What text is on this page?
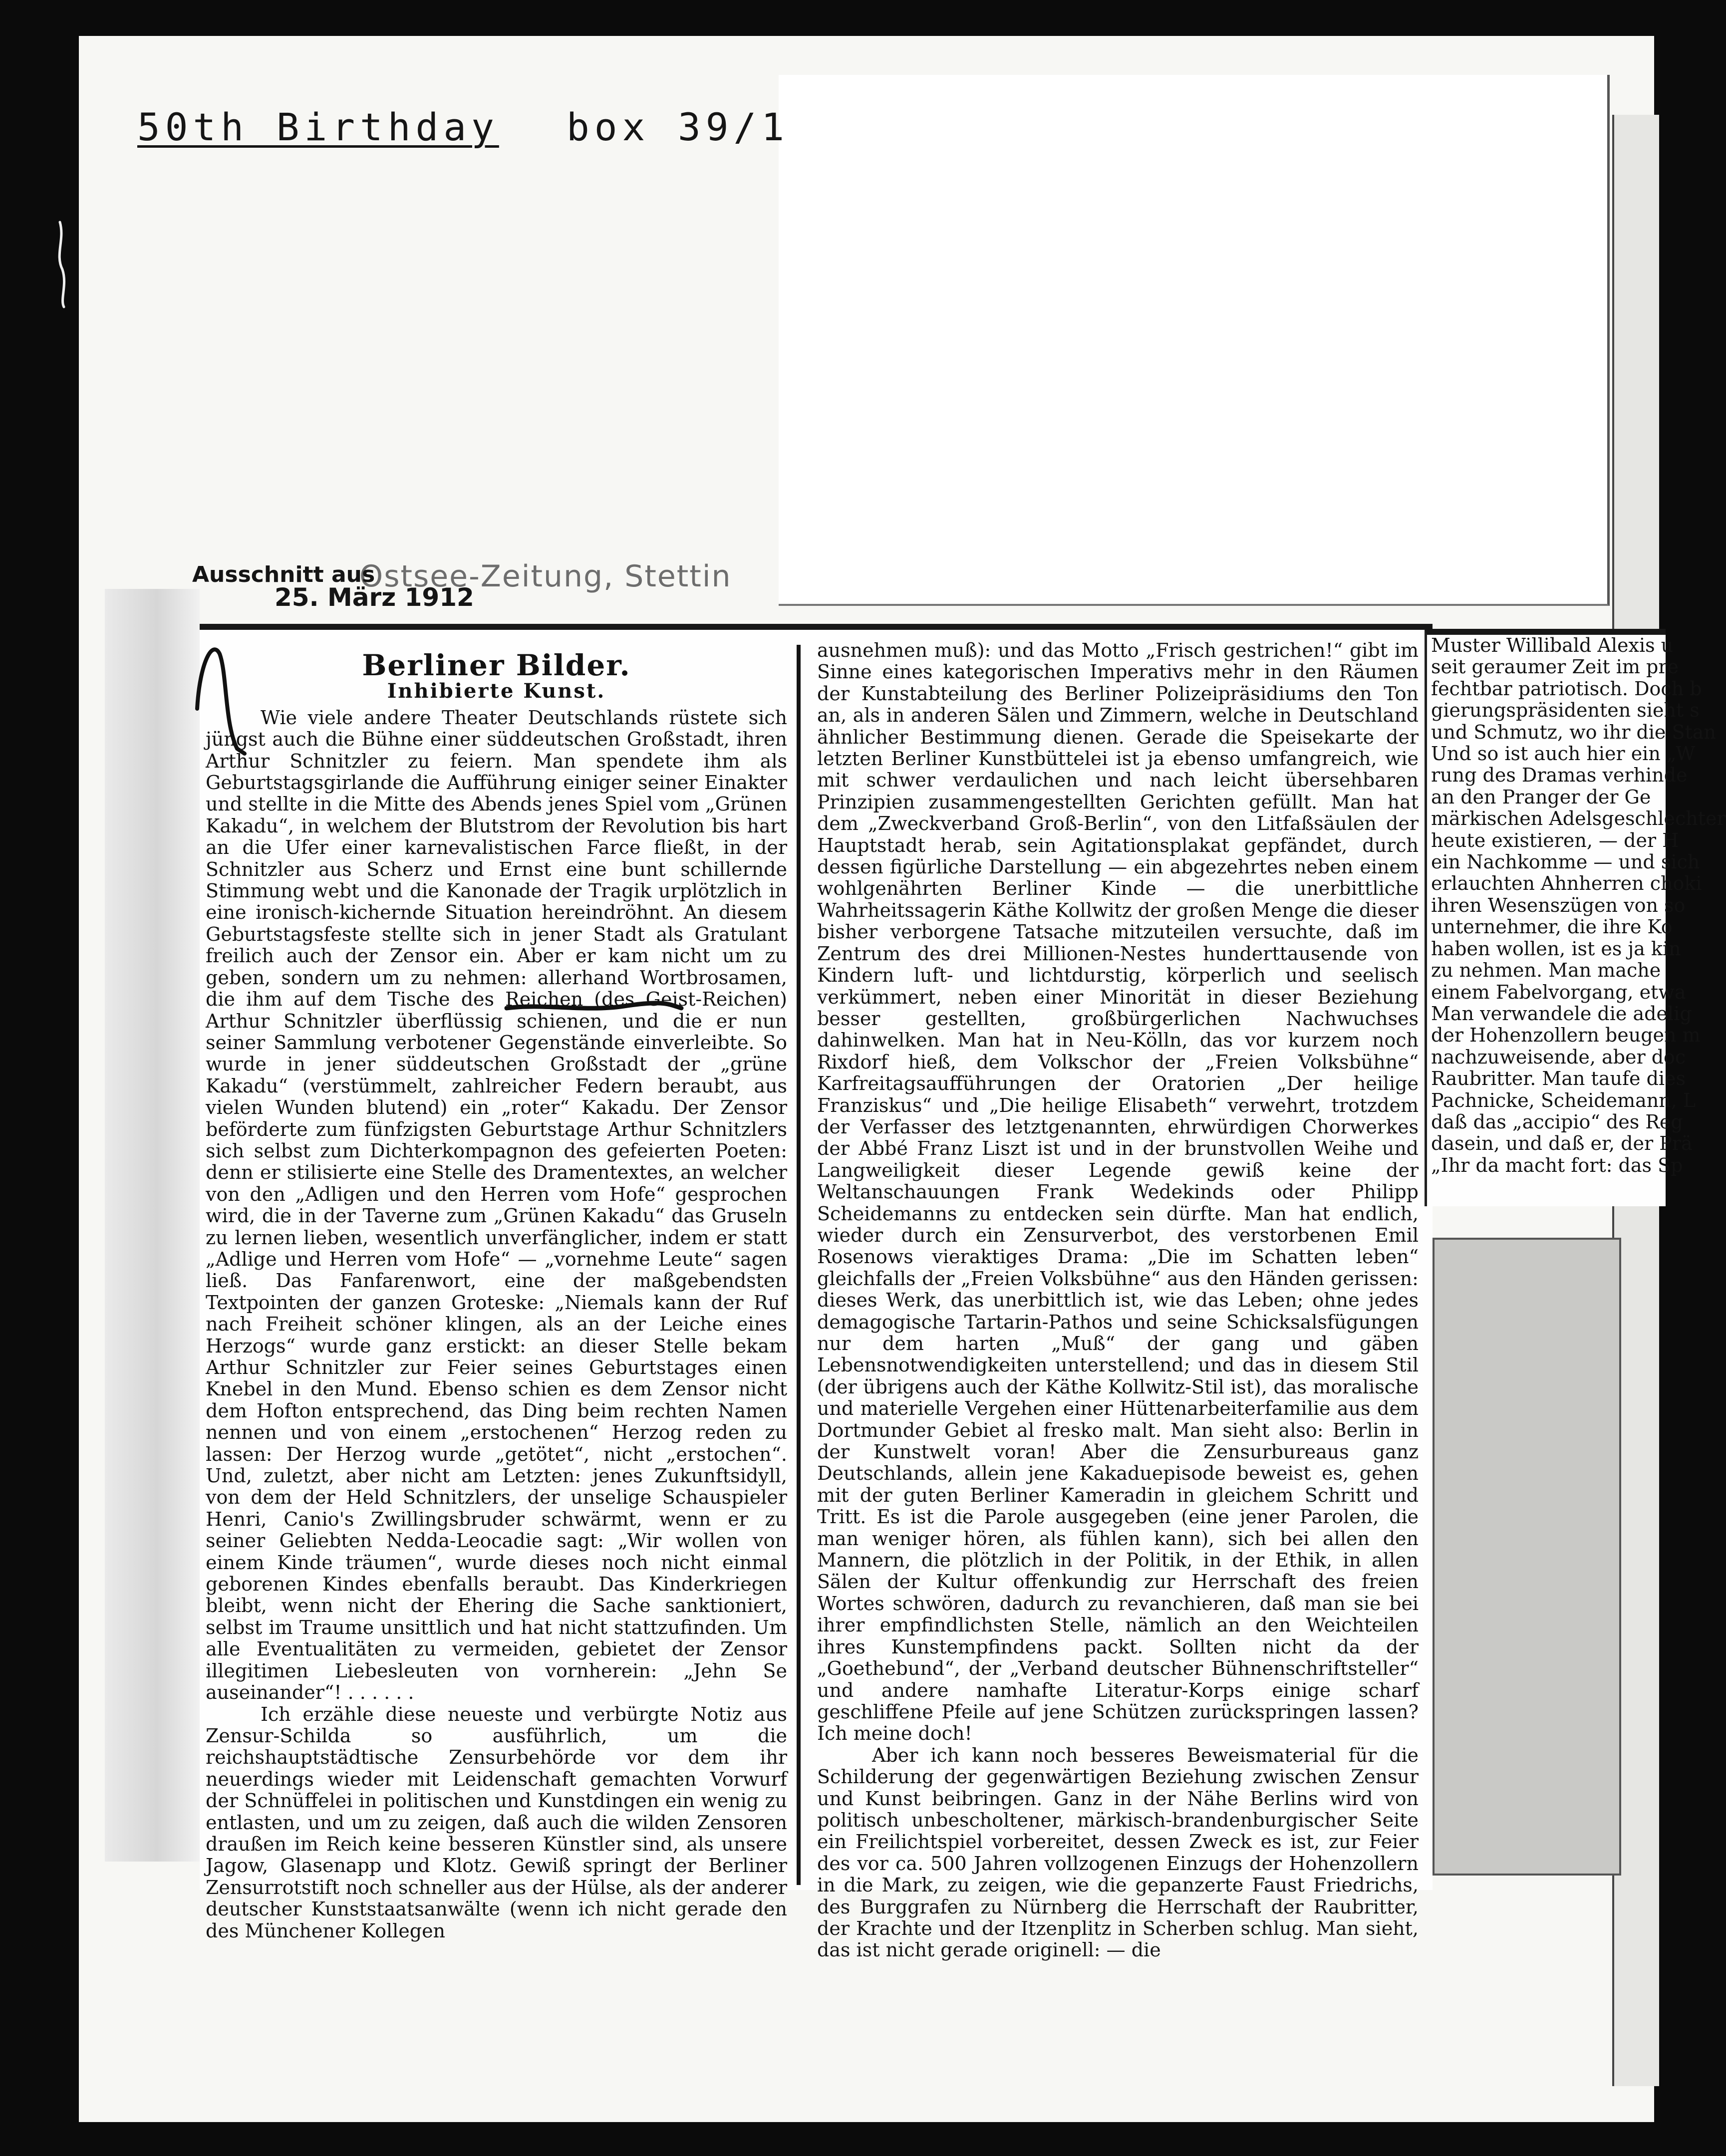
50th Birthday box 39/1
Ostsee-Zeitung, Stettin
Ausschnitt aus
25. März 1912
Berliner Bilder.
Inhibierte Kunst.

Wie viele andere Theater Deutschlands rüstete sich jüngst auch die Bühne einer süddeutschen Großstadt, ihren Arthur Schnitzler zu feiern. Man spendete ihm als Geburtstagsgirlande die Aufführung einiger seiner Einakter und stellte in die Mitte des Abends jenes Spiel vom „Grünen Kakadu“, in welchem der Blutstrom der Revolution bis hart an die Ufer einer karnevalistischen Farce fließt, in der Schnitzler aus Scherz und Ernst eine bunt schillernde Stimmung webt und die Kanonade der Tragik urplötzlich in eine ironisch-kichernde Situation hereindröhnt. An diesem Geburtstagsfeste stellte sich in jener Stadt als Gratulant freilich auch der Zensor ein. Aber er kam nicht um zu geben, sondern um zu nehmen: allerhand Wortbrosamen, die ihm auf dem Tische des Reichen (des Geist-Reichen) Arthur Schnitzler überflüssig schienen, und die er nun seiner Sammlung verbotener Gegenstände einverleibte. So wurde in jener süddeutschen Großstadt der „grüne Kakadu“ (verstümmelt, zahlreicher Federn beraubt, aus vielen Wunden blutend) ein „roter“ Kakadu. Der Zensor beförderte zum fünfzigsten Geburtstage Arthur Schnitzlers sich selbst zum Dichterkompagnon des gefeierten Poeten: denn er stilisierte eine Stelle des Dramentextes, an welcher von den „Adligen und den Herren vom Hofe“ gesprochen wird, die in der Taverne zum „Grünen Kakadu“ das Gruseln zu lernen lieben, wesentlich unverfänglicher, indem er statt „Adlige und Herren vom Hofe“ — „vornehme Leute“ sagen ließ. Das Fanfarenwort, eine der maßgebendsten Textpointen der ganzen Groteske: „Niemals kann der Ruf nach Freiheit schöner klingen, als an der Leiche eines Herzogs“ wurde ganz erstickt: an dieser Stelle bekam Arthur Schnitzler zur Feier seines Geburtstages einen Knebel in den Mund. Ebenso schien es dem Zensor nicht dem Hofton entsprechend, das Ding beim rechten Namen nennen und von einem „erstochenen“ Herzog reden zu lassen: Der Herzog wurde „getötet“, nicht „erstochen“. Und, zuletzt, aber nicht am Letzten: jenes Zukunftsidyll, von dem der Held Schnitzlers, der unselige Schauspieler Henri, Canio's Zwillingsbruder schwärmt, wenn er zu seiner Geliebten Nedda-Leocadie sagt: „Wir wollen von einem Kinde träumen“, wurde dieses noch nicht einmal geborenen Kindes ebenfalls beraubt. Das Kinderkriegen bleibt, wenn nicht der Ehering die Sache sanktioniert, selbst im Traume unsittlich und hat nicht stattzufinden. Um alle Eventualitäten zu vermeiden, gebietet der Zensor illegitimen Liebesleuten von vornherein: „Jehn Se auseinander“! . . . . . .

Ich erzähle diese neueste und verbürgte Notiz aus Zensur-Schilda so ausführlich, um die reichshauptstädtische Zensurbehörde vor dem ihr neuerdings wieder mit Leidenschaft gemachten Vorwurf der Schnüffelei in politischen und Kunstdingen ein wenig zu entlasten, und um zu zeigen, daß auch die wilden Zensoren draußen im Reich keine besseren Künstler sind, als unsere Jagow, Glasenapp und Klotz. Gewiß springt der Berliner Zensurrotstift noch schneller aus der Hülse, als der anderer deutscher Kunststaatsanwälte (wenn ich nicht gerade den des Münchener Kollegen

ausnehmen muß): und das Motto „Frisch gestrichen!“ gibt im Sinne eines kategorischen Imperativs mehr in den Räumen der Kunstabteilung des Berliner Polizeipräsidiums den Ton an, als in anderen Sälen und Zimmern, welche in Deutschland ähnlicher Bestimmung dienen. Gerade die Speisekarte der letzten Berliner Kunstbüttelei ist ja ebenso umfangreich, wie mit schwer verdaulichen und nach leicht übersehbaren Prinzipien zusammengestellten Gerichten gefüllt. Man hat dem „Zweckverband Groß-Berlin“, von den Litfaßsäulen der Hauptstadt herab, sein Agitationsplakat gepfändet, durch dessen figürliche Darstellung — ein abgezehrtes neben einem wohlgenährten Berliner Kinde — die unerbittliche Wahrheitssagerin Käthe Kollwitz der großen Menge die dieser bisher verborgene Tatsache mitzuteilen versuchte, daß im Zentrum des drei Millionen-Nestes hunderttausende von Kindern luft- und lichtdurstig, körperlich und seelisch verkümmert, neben einer Minorität in dieser Beziehung besser gestellten, großbürgerlichen Nachwuchses dahinwelken. Man hat in Neu-Kölln, das vor kurzem noch Rixdorf hieß, dem Volkschor der „Freien Volksbühne“ Karfreitagsaufführungen der Oratorien „Der heilige Franziskus“ und „Die heilige Elisabeth“ verwehrt, trotzdem der Verfasser des letztgenannten, ehrwürdigen Chorwerkes der Abbé Franz Liszt ist und in der brunstvollen Weihe und Langweiligkeit dieser Legende gewiß keine der Weltanschauungen Frank Wedekinds oder Philipp Scheidemanns zu entdecken sein dürfte. Man hat endlich, wieder durch ein Zensurverbot, des verstorbenen Emil Rosenows vieraktiges Drama: „Die im Schatten leben“ gleichfalls der „Freien Volksbühne“ aus den Händen gerissen: dieses Werk, das unerbittlich ist, wie das Leben; ohne jedes demagogische Tartarin-Pathos und seine Schicksalsfügungen nur dem harten „Muß“ der gang und gäben Lebensnotwendigkeiten unterstellend; und das in diesem Stil (der übrigens auch der Käthe Kollwitz-Stil ist), das moralische und materielle Vergehen einer Hüttenarbeiterfamilie aus dem Dortmunder Gebiet al fresko malt. Man sieht also: Berlin in der Kunstwelt voran! Aber die Zensurbureaus ganz Deutschlands, allein jene Kakaduepisode beweist es, gehen mit der guten Berliner Kameradin in gleichem Schritt und Tritt. Es ist die Parole ausgegeben (eine jener Parolen, die man weniger hören, als fühlen kann), sich bei allen den Mannern, die plötzlich in der Politik, in der Ethik, in allen Sälen der Kultur offenkundig zur Herrschaft des freien Wortes schwören, dadurch zu revanchieren, daß man sie bei ihrer empfindlichsten Stelle, nämlich an den Weichteilen ihres Kunstempfindens packt. Sollten nicht da der „Goethebund“, der „Verband deutscher Bühnenschriftsteller“ und andere namhafte Literatur-Korps einige scharf geschliffene Pfeile auf jene Schützen zurückspringen lassen? Ich meine doch!

Aber ich kann noch besseres Beweismaterial für die Schilderung der gegenwärtigen Beziehung zwischen Zensur und Kunst beibringen. Ganz in der Nähe Berlins wird von politisch unbescholtener, märkisch-brandenburgischer Seite ein Freilichtspiel vorbereitet, dessen Zweck es ist, zur Feier des vor ca. 500 Jahren vollzogenen Einzugs der Hohenzollern in die Mark, zu zeigen, wie die gepanzerte Faust Friedrichs, des Burggrafen zu Nürnberg die Herrschaft der Raubritter, der Krachte und der Itzenplitz in Scherben schlug. Man sieht, das ist nicht gerade originell: — die

Muster Willibald Alexis u
seit geraumer Zeit im pre
fechtbar patriotisch. Doch b
gierungspräsidenten sieht s
und Schmutz, wo ihr die Stan
Und so ist auch hier ein „W
rung des Dramas verhinde
an den Pranger der Ge
märkischen Adelsgeschlechter
heute existieren, — der H
ein Nachkomme — und sich
erlauchten Ahnherren choki
ihren Wesenszügen von so
unternehmer, die ihre Ko
haben wollen, ist es ja kin
zu nehmen. Man mache
einem Fabelvorgang, etwa
Man verwandele die adelig
der Hohenzollern beugen m
nachzuweisende, aber doc
Raubritter. Man taufe dies
Pachnicke, Scheidemann, L
daß das „accipio“ des Reg
dasein, und daß er, der Prä
„Ihr da macht fort: das Sp
